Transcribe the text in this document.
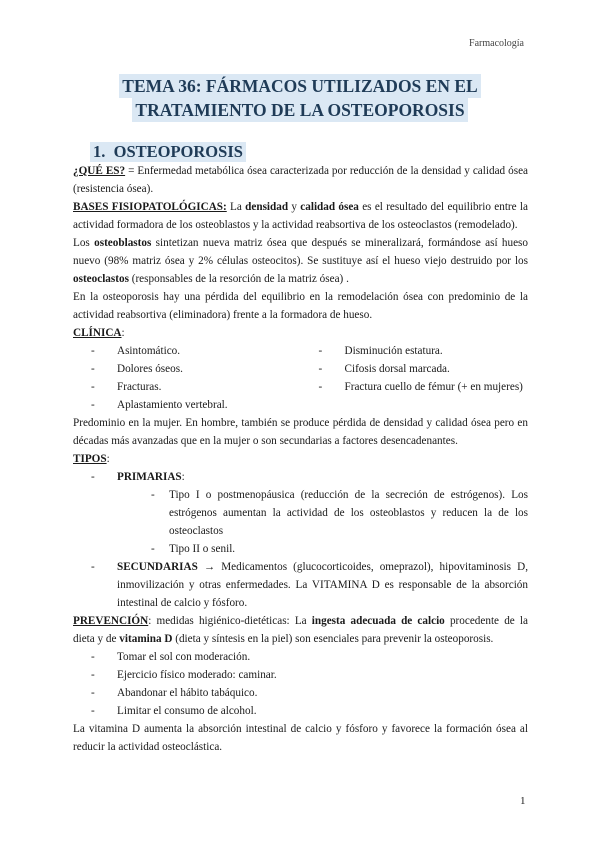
Farmacología
TEMA 36: FÁRMACOS UTILIZADOS EN EL
TRATAMIENTO DE LA OSTEOPOROSIS
1.  OSTEOPOROSIS

¿QUÉ ES? = Enfermedad metabólica ósea caracterizada por reducción de la densidad y calidad ósea (resistencia ósea).

BASES FISIOPATOLÓGICAS: La densidad y calidad ósea es el resultado del equilibrio entre la actividad formadora de los osteoblastos y la actividad reabsortiva de los osteoclastos (remodelado).

Los osteoblastos sintetizan nueva matriz ósea que después se mineralizará, formándose así hueso nuevo (98% matriz ósea y 2% células osteocitos). Se sustituye así el hueso viejo destruido por los osteoclastos (responsables de la resorción de la matriz ósea) .

En la osteoporosis hay una pérdida del equilibrio en la remodelación ósea con predominio de la actividad reabsortiva (eliminadora) frente a la formadora de hueso.

CLÍNICA:

- Asintomático.
- Dolores óseos.
- Fracturas.
- Aplastamiento vertebral.
- Disminución estatura.
- Cifosis dorsal marcada.
- Fractura cuello de fémur (+ en mujeres)

Predominio en la mujer. En hombre, también se produce pérdida de densidad y calidad ósea pero en décadas más avanzadas que en la mujer o son secundarias a factores desencadenantes.

TIPOS:

- PRIMARIAS:
- Tipo I o postmenopáusica (reducción de la secreción de estrógenos). Los estrógenos aumentan la actividad de los osteoblastos y reducen la de los osteoclastos
- Tipo II o senil.
- SECUNDARIAS → Medicamentos (glucocorticoides, omeprazol), hipovitaminosis D, inmovilización y otras enfermedades. La VITAMINA D es responsable de la absorción intestinal de calcio y fósforo.

PREVENCIÓN: medidas higiénico-dietéticas: La ingesta adecuada de calcio procedente de la dieta y de vitamina D (dieta y síntesis en la piel) son esenciales para prevenir la osteoporosis.

- Tomar el sol con moderación.
- Ejercicio físico moderado: caminar.
- Abandonar el hábito tabáquico.
- Limitar el consumo de alcohol.

La vitamina D aumenta la absorción intestinal de calcio y fósforo y favorece la formación ósea al reducir la actividad osteoclástica.

1
